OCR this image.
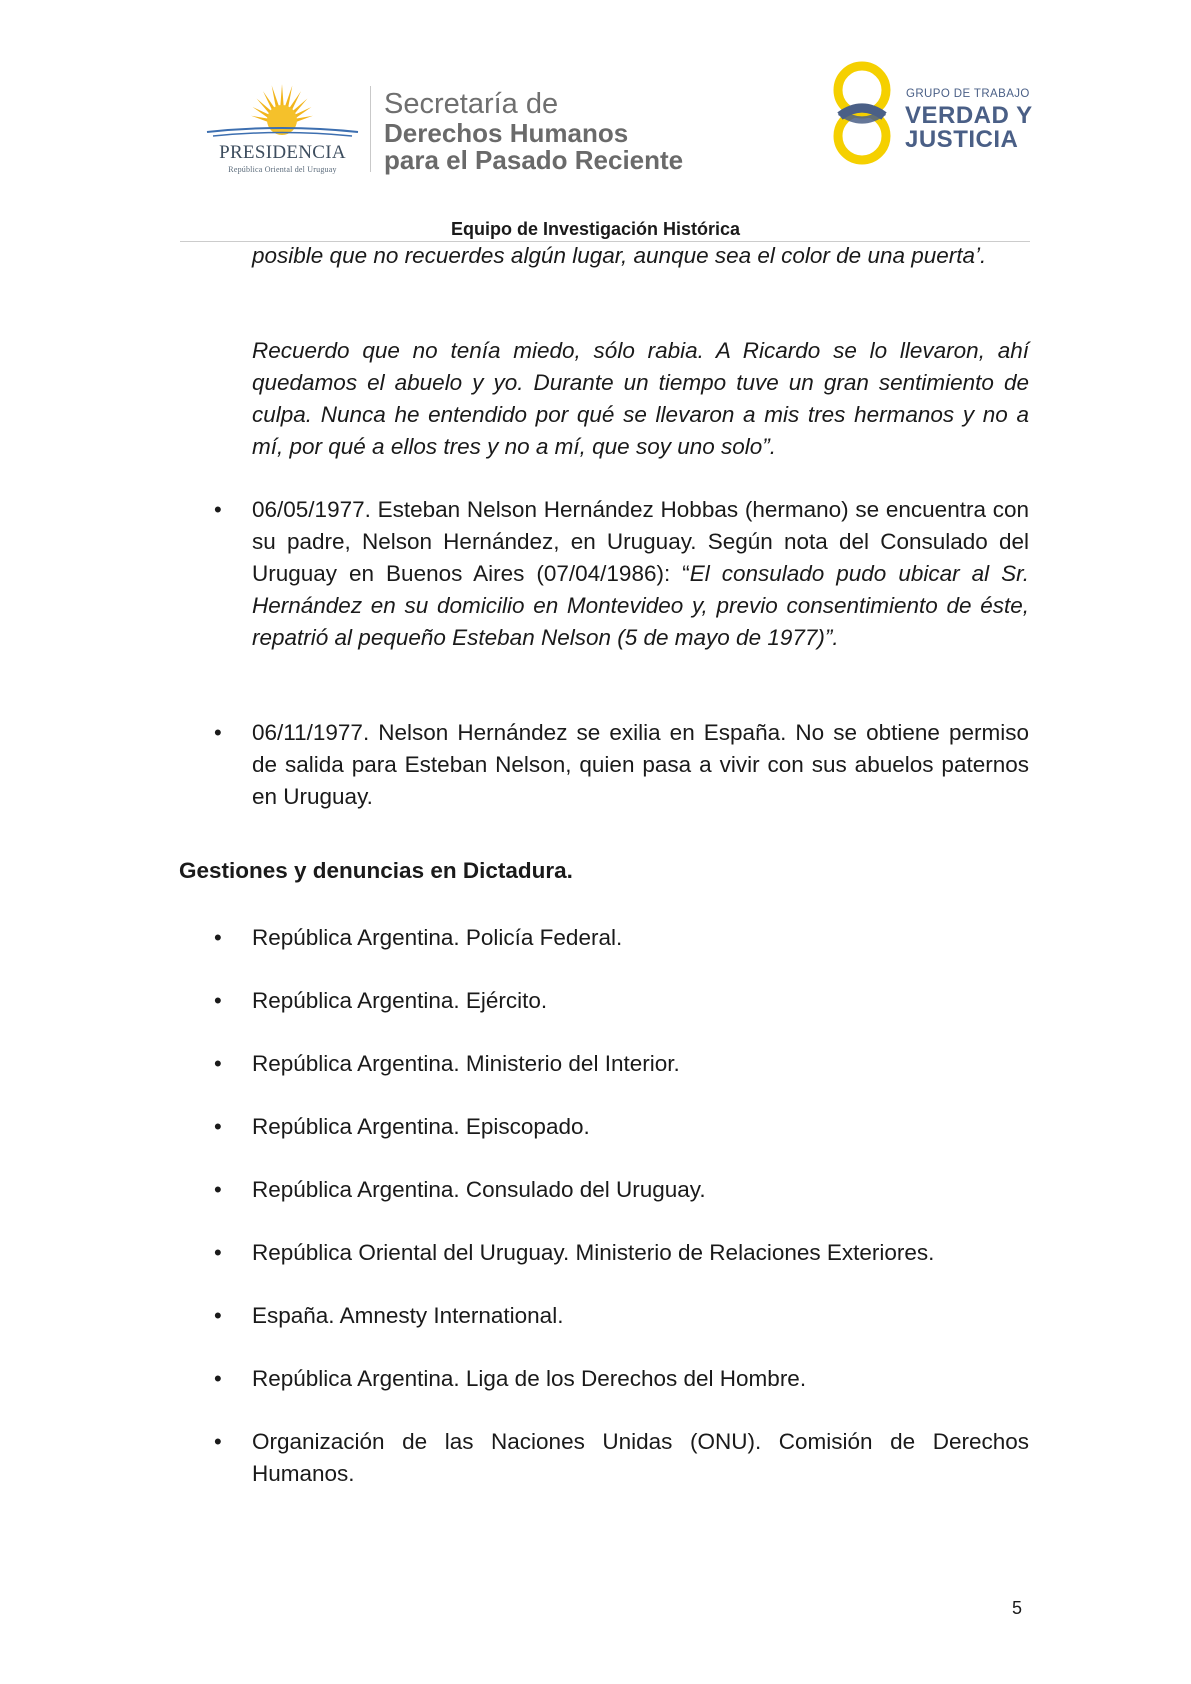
PRESIDENCIA
República Oriental del Uruguay
Secretaría de
Derechos Humanos
para el Pasado Reciente
GRUPO DE TRABAJO
VERDAD Y
JUSTICIA
Equipo de Investigación Histórica
posible que no recuerdes algún lugar, aunque sea el color de una puerta’.
Recuerdo que no tenía miedo, sólo rabia. A Ricardo se lo llevaron, ahí quedamos el abuelo y yo. Durante un tiempo tuve un gran sentimiento de culpa. Nunca he entendido por qué se llevaron a mis tres hermanos y no a mí, por qué a ellos tres y no a mí, que soy uno solo”.
• 06/05/1977. Esteban Nelson Hernández Hobbas (hermano) se encuentra con su padre, Nelson Hernández, en Uruguay. Según nota del Consulado del Uruguay en Buenos Aires (07/04/1986): “El consulado pudo ubicar al Sr. Hernández en su domicilio en Montevideo y, previo consentimiento de éste, repatrió al pequeño Esteban Nelson (5 de mayo de 1977)”.
• 06/11/1977. Nelson Hernández se exilia en España. No se obtiene permiso de salida para Esteban Nelson, quien pasa a vivir con sus abuelos paternos en Uruguay.
Gestiones y denuncias en Dictadura.
• República Argentina. Policía Federal.
• República Argentina. Ejército.
• República Argentina. Ministerio del Interior.
• República Argentina. Episcopado.
• República Argentina. Consulado del Uruguay.
• República Oriental del Uruguay. Ministerio de Relaciones Exteriores.
• España. Amnesty International.
• República Argentina. Liga de los Derechos del Hombre.
• Organización de las Naciones Unidas (ONU). Comisión de Derechos Humanos.
5
